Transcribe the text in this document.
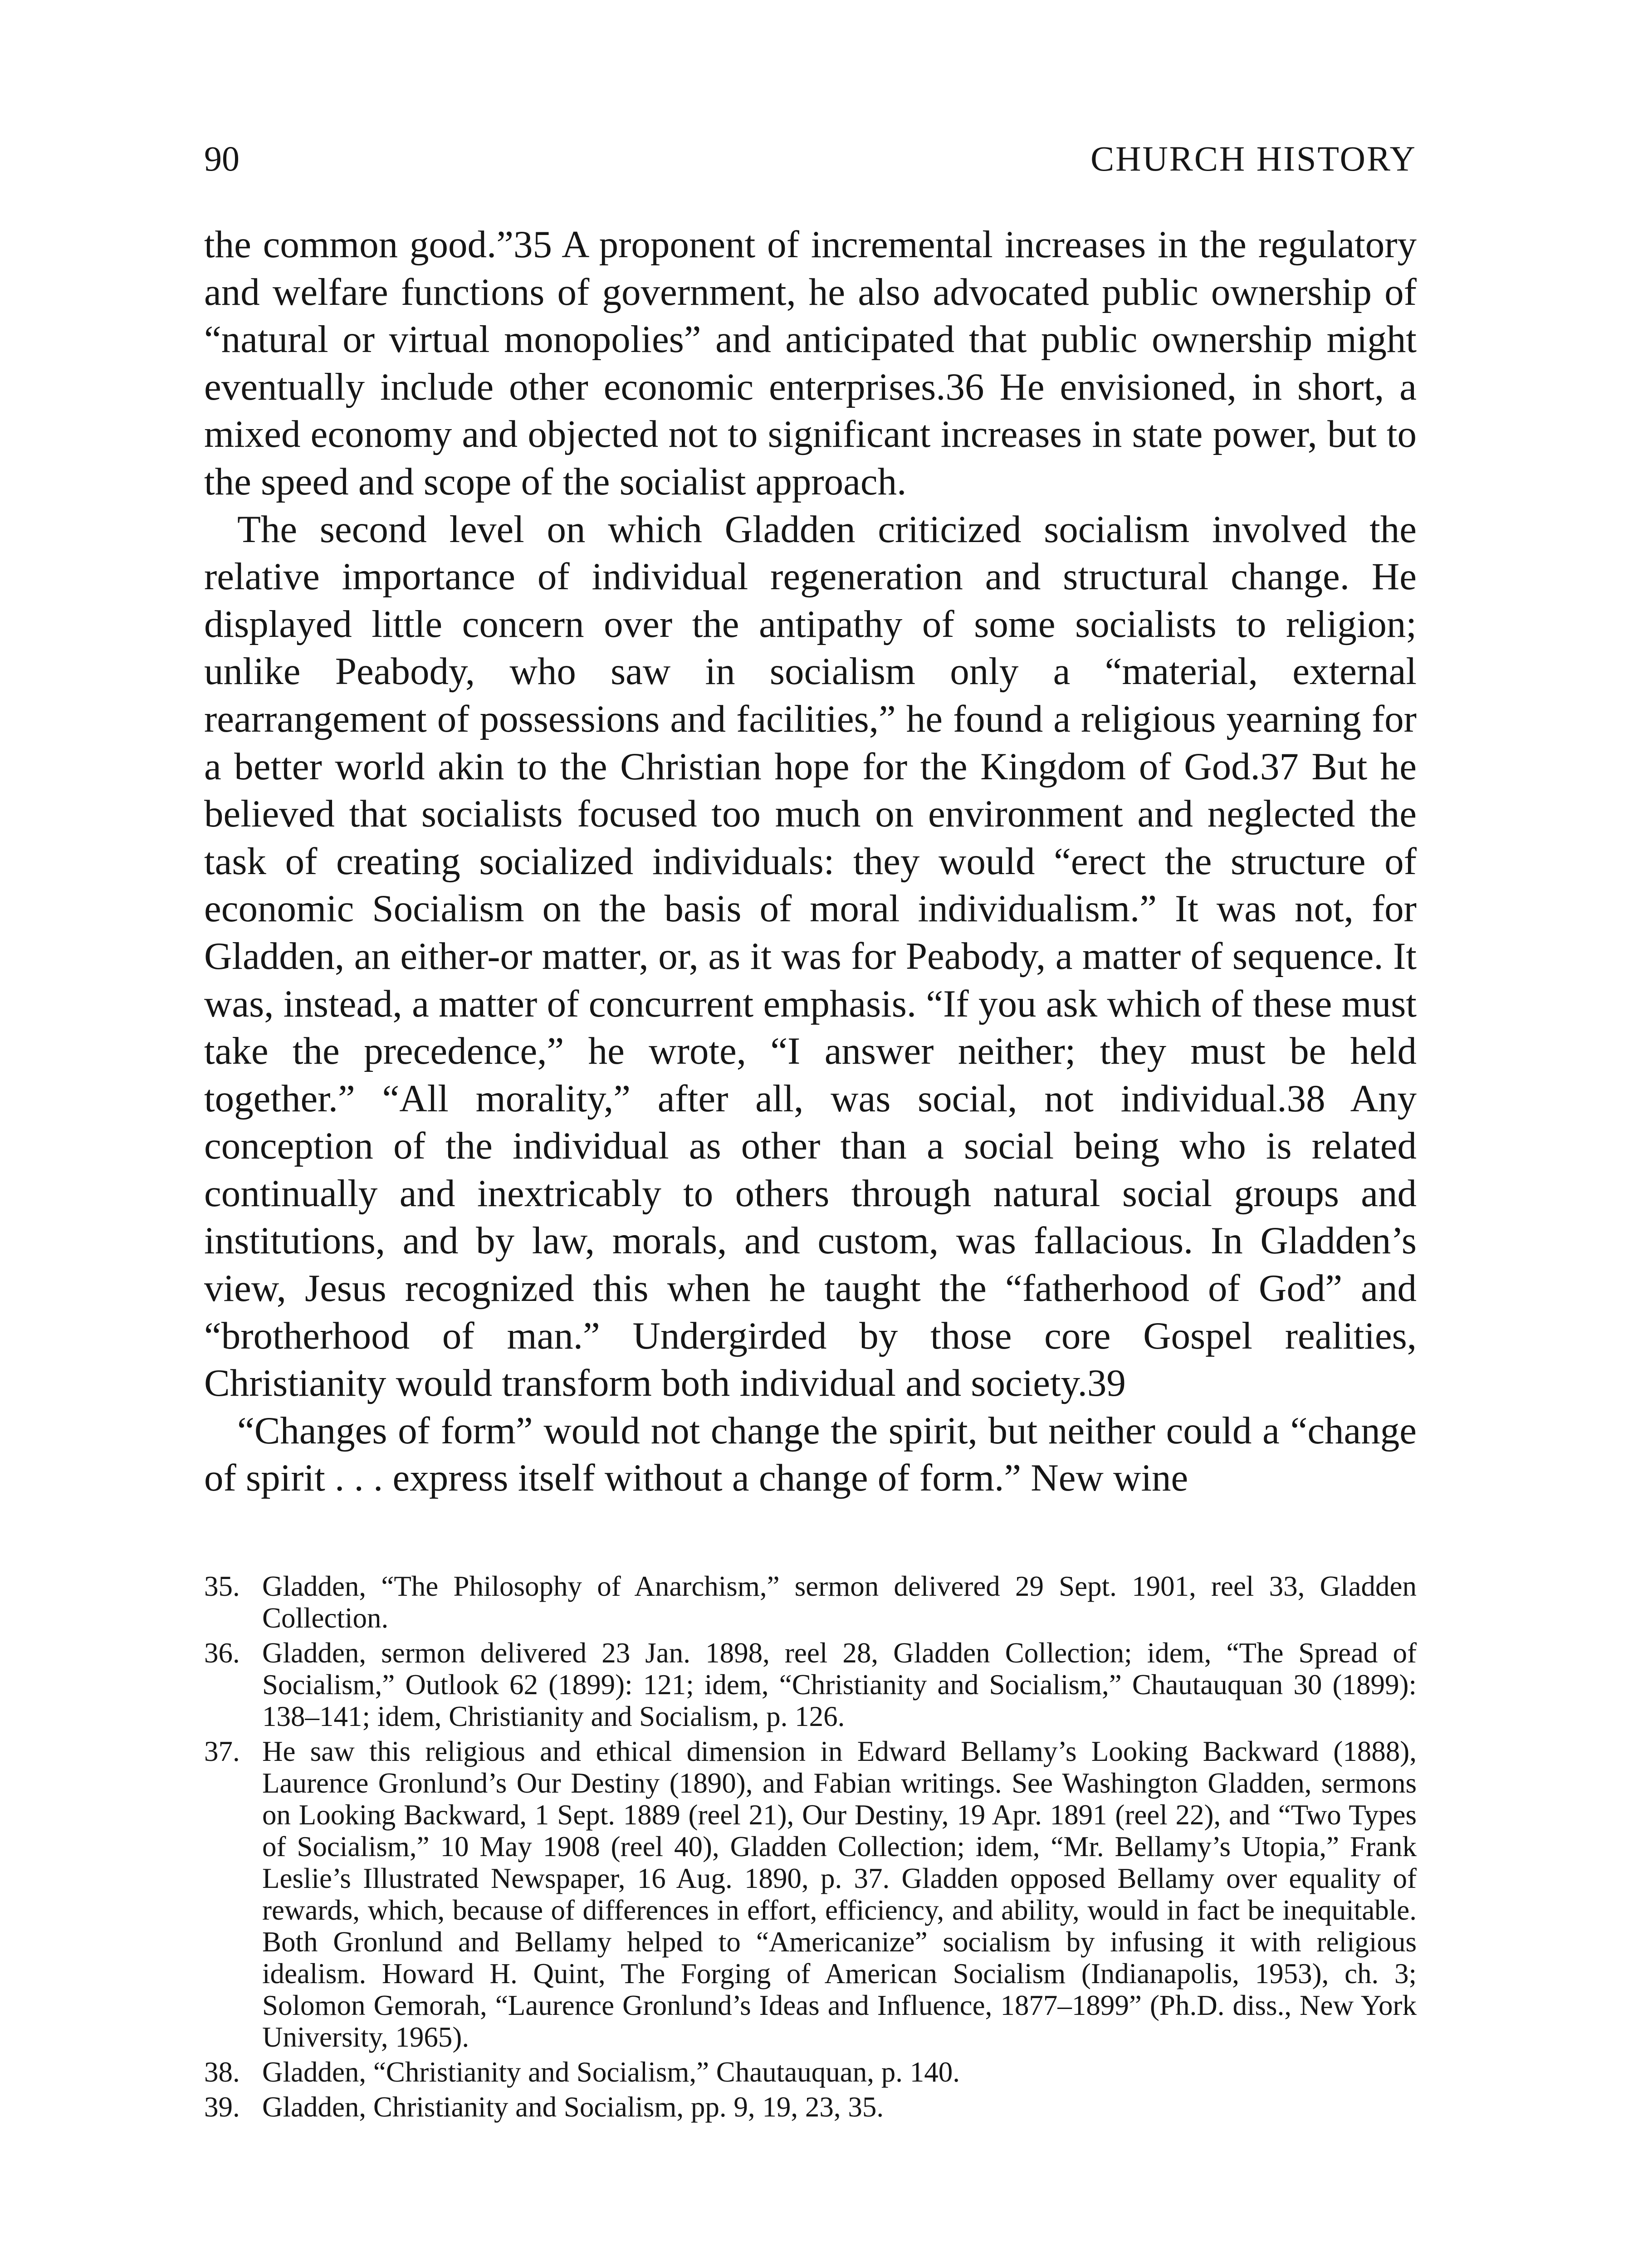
90	CHURCH HISTORY

the common good.”35 A proponent of incremental increases in the regulatory and welfare functions of government, he also advocated public ownership of “natural or virtual monopolies” and anticipated that public ownership might eventually include other economic enterprises.36 He envisioned, in short, a mixed economy and objected not to significant increases in state power, but to the speed and scope of the socialist approach.

The second level on which Gladden criticized socialism involved the relative importance of individual regeneration and structural change. He displayed little concern over the antipathy of some socialists to religion; unlike Peabody, who saw in socialism only a “material, external rearrangement of possessions and facilities,” he found a religious yearning for a better world akin to the Christian hope for the Kingdom of God.37 But he believed that socialists focused too much on environment and neglected the task of creating socialized individuals: they would “erect the structure of economic Socialism on the basis of moral individualism.” It was not, for Gladden, an either-or matter, or, as it was for Peabody, a matter of sequence. It was, instead, a matter of concurrent emphasis. “If you ask which of these must take the precedence,” he wrote, “I answer neither; they must be held together.” “All morality,” after all, was social, not individual.38 Any conception of the individual as other than a social being who is related continually and inextricably to others through natural social groups and institutions, and by law, morals, and custom, was fallacious. In Gladden’s view, Jesus recognized this when he taught the “fatherhood of God” and “brotherhood of man.” Undergirded by those core Gospel realities, Christianity would transform both individual and society.39

“Changes of form” would not change the spirit, but neither could a “change of spirit . . . express itself without a change of form.” New wine

35. Gladden, “The Philosophy of Anarchism,” sermon delivered 29 Sept. 1901, reel 33, Gladden Collection.
36. Gladden, sermon delivered 23 Jan. 1898, reel 28, Gladden Collection; idem, “The Spread of Socialism,” Outlook 62 (1899): 121; idem, “Christianity and Socialism,” Chautauquan 30 (1899): 138–141; idem, Christianity and Socialism, p. 126.
37. He saw this religious and ethical dimension in Edward Bellamy’s Looking Backward (1888), Laurence Gronlund’s Our Destiny (1890), and Fabian writings. See Washington Gladden, sermons on Looking Backward, 1 Sept. 1889 (reel 21), Our Destiny, 19 Apr. 1891 (reel 22), and “Two Types of Socialism,” 10 May 1908 (reel 40), Gladden Collection; idem, “Mr. Bellamy’s Utopia,” Frank Leslie’s Illustrated Newspaper, 16 Aug. 1890, p. 37. Gladden opposed Bellamy over equality of rewards, which, because of differences in effort, efficiency, and ability, would in fact be inequitable. Both Gronlund and Bellamy helped to “Americanize” socialism by infusing it with religious idealism. Howard H. Quint, The Forging of American Socialism (Indianapolis, 1953), ch. 3; Solomon Gemorah, “Laurence Gronlund’s Ideas and Influence, 1877–1899” (Ph.D. diss., New York University, 1965).
38. Gladden, “Christianity and Socialism,” Chautauquan, p. 140.
39. Gladden, Christianity and Socialism, pp. 9, 19, 23, 35.
